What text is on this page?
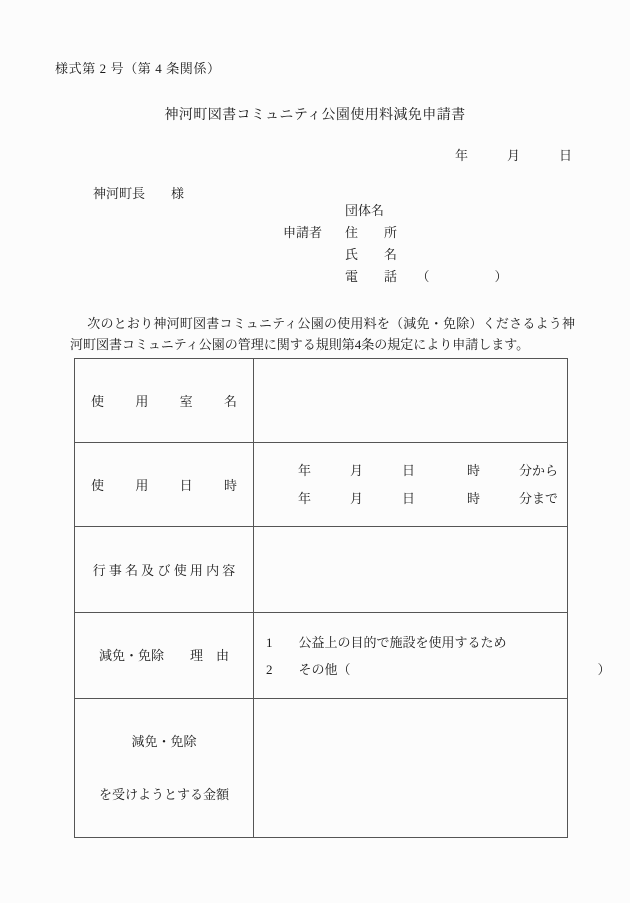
様式第 2 号（第 4 条関係）
神河町図書コミュニティ公園使用料減免申請書
年　　　月　　　日
神河町長　　様
申請者
団体名
住　　所
氏　　名
電　　話　　（　　　　　）
次のとおり神河町図書コミュニティ公園の使用料を（減免・免除）くださるよう神河町図書コミュニティ公園の管理に関する規則第4条の規定により申請します。

使用室名	

使用日時	年　　　月　　　日　　　　時　　　分から
年　　　月　　　日　　　　時　　　分まで

行事名及び使用内容	

減免・免除　　理　由	1　　公益上の目的で施設を使用するため
2　　その他（　　　　　　　　　　　　　　　　　　　）

減免・免除

を受けようとする金額	
